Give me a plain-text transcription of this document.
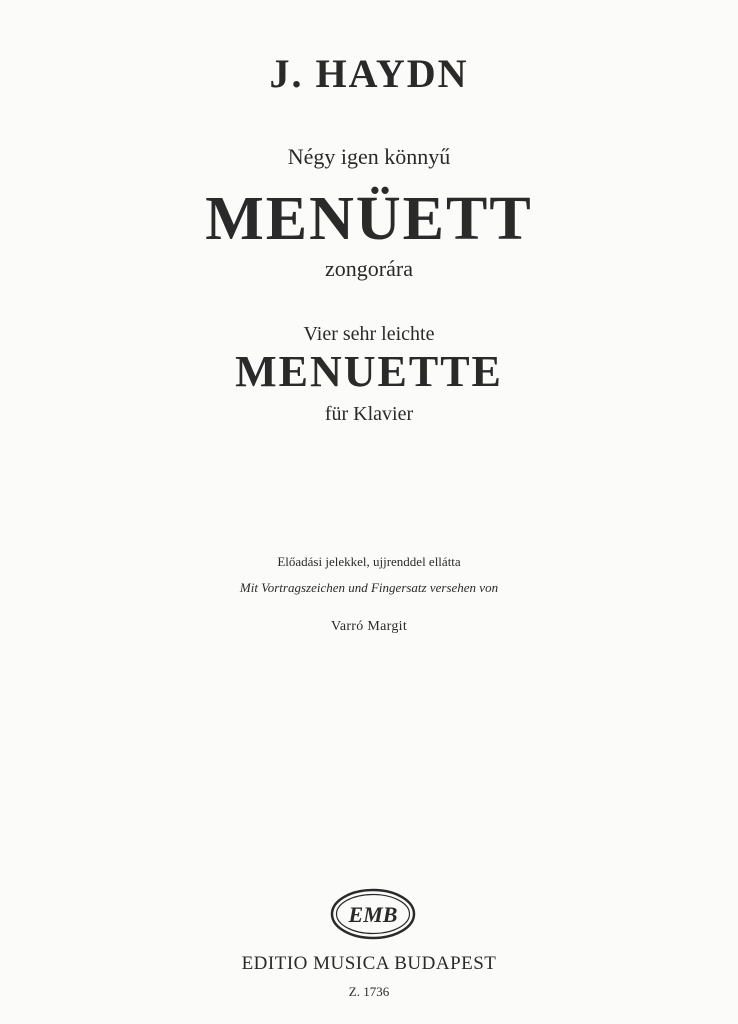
J. HAYDN

Négy igen könnyű

MENÜETT

zongorára

Vier sehr leichte

MENUETTE

für Klavier

Előadási jelekkel, ujjrenddel ellátta

Mit Vortragszeichen und Fingersatz versehen von

Varró Margit

EMB

EDITIO MUSICA BUDAPEST

Z. 1736
